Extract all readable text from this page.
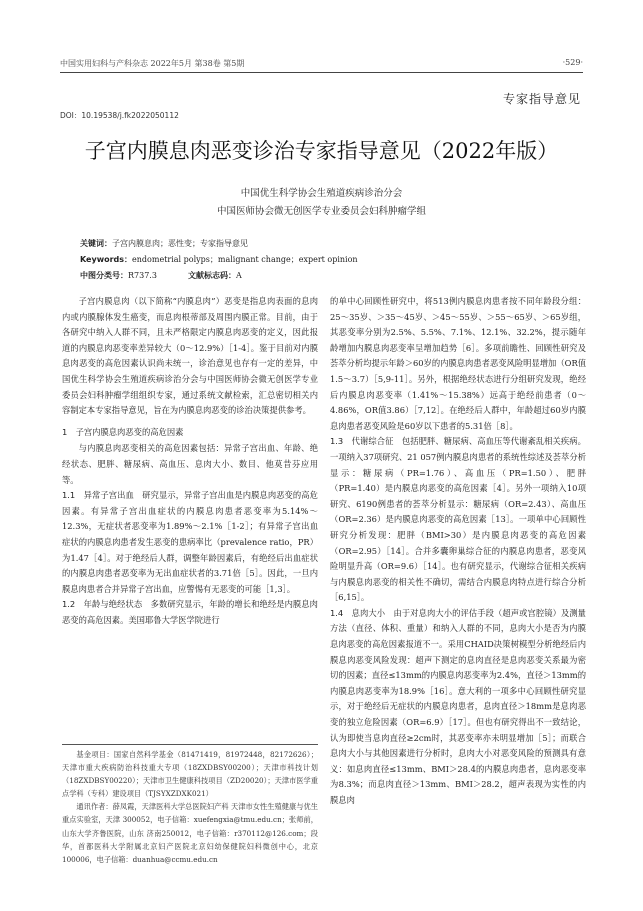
中国实用妇科与产科杂志 2022年5月 第38卷 第5期	·529·
专家指导意见
DOI：10.19538/j.fk2022050112
子宫内膜息肉恶变诊治专家指导意见（2022年版）
中国优生科学协会生殖道疾病诊治分会
中国医师协会微无创医学专业委员会妇科肿瘤学组
关键词：子宫内膜息肉；恶性变；专家指导意见
Keywords：endometrial polyps；malignant change；expert opinion
中图分类号：R737.3	文献标志码：A

子宫内膜息肉（以下简称“内膜息肉”）恶变是指息肉表面的息肉内或内膜腺体发生癌变，而息肉根蒂部及周围内膜正常。目前，由于各研究中纳入人群不同，且未严格限定内膜息肉恶变的定义，因此报道的内膜息肉恶变率差异较大（0～12.9%）［1-4］。鉴于目前对内膜息肉恶变的高危因素认识尚未统一，诊治意见也存有一定的差异，中国优生科学协会生殖道疾病诊治分会与中国医师协会微无创医学专业委员会妇科肿瘤学组组织专家，通过系统文献检索，汇总密切相关内容制定本专家指导意见，旨在为内膜息肉恶变的诊治决策提供参考。

1　子宫内膜息肉恶变的高危因素

与内膜息肉恶变相关的高危因素包括：异常子宫出血、年龄、绝经状态、肥胖、糖尿病、高血压、息肉大小、数目、他莫昔芬应用等。

1.1　异常子宫出血　 研究显示，异常子宫出血是内膜息肉恶变的高危因素。有异常子宫出血症状的内膜息肉患者恶变率为5.14%～12.3%，无症状者恶变率为1.89%～2.1%［1-2］；有异常子宫出血症状的内膜息肉患者发生恶变的患病率比（prevalence ratio，PR）为1.47［4］。对于绝经后人群，调整年龄因素后，有绝经后出血症状的内膜息肉患者恶变率为无出血症状者的3.71倍［5］。因此，一旦内膜息肉患者合并异常子宫出血，应警惕有无恶变的可能［1,3］。

1.2　年龄与绝经状态　 多数研究显示，年龄的增长和绝经是内膜息肉恶变的高危因素。美国耶鲁大学医学院进行

基金项目：国家自然科学基金（81471419，81972448，82172626）；天津市重大疾病防治科技重大专项（18ZXDBSY00200）；天津市科技计划（18ZXDBSY00220）；天津市卫生健康科技项目（ZD20020）；天津市医学重点学科（专科）建设项目（TJSYXZDXK021）

通讯作者：薛凤霞，天津医科大学总医院妇产科 天津市女性生殖健康与优生重点实验室，天津 300052，电子信箱：xuefengxia@tmu.edu.cn；张师前，山东大学齐鲁医院，山东 济南250012，电子信箱：r370112@126.com；段华，首都医科大学附属北京妇产医院北京妇幼保健院妇科微创中心，北京 100006，电子信箱：duanhua@ccmu.edu.cn

的单中心回顾性研究中，将513例内膜息肉患者按不同年龄段分组：25～35岁、＞35～45岁、＞45～55岁、＞55～65岁、＞65岁组，其恶变率分别为2.5%、5.5%、7.1%、12.1%、32.2%，提示随年龄增加内膜息肉恶变率呈增加趋势［6］。多项前瞻性、回顾性研究及荟萃分析均提示年龄＞60岁的内膜息肉患者恶变风险明显增加（OR值1.5～3.7）［5,9-11］。另外，根据绝经状态进行分组研究发现，绝经后内膜息肉恶变率（1.41%～15.38%）远高于绝经前患者（0～4.86%，OR值3.86）［7,12］。在绝经后人群中，年龄超过60岁内膜息肉患者恶变风险是60岁以下患者的5.31倍［8］。

1.3　代谢综合征　 包括肥胖、糖尿病、高血压等代谢紊乱相关疾病。一项纳入37项研究、21 057例内膜息肉患者的系统性综述及荟萃分析显示：糖尿病（PR=1.76）、高血压（PR=1.50）、肥胖（PR=1.40）是内膜息肉恶变的高危因素［4］。另外一项纳入10项研究、6190例患者的荟萃分析显示：糖尿病（OR=2.43）、高血压（OR=2.36）是内膜息肉恶变的高危因素［13］。一项单中心回顾性研究分析发现：肥胖（BMI>30）是内膜息肉恶变的高危因素（OR=2.95）［14］。合并多囊卵巢综合征的内膜息肉患者，恶变风险明显升高（OR=9.6）［14］。也有研究显示，代谢综合征相关疾病与内膜息肉恶变的相关性不确切，需结合内膜息肉特点进行综合分析［6,15］。

1.4　息肉大小　 由于对息肉大小的评估手段（超声或宫腔镜）及测量方法（直径、体积、重量）和纳入人群的不同，息肉大小是否为内膜息肉恶变的高危因素报道不一。采用CHAID决策树模型分析绝经后内膜息肉恶变风险发现：超声下测定的息肉直径是息肉恶变关系最为密切的因素；直径≤13mm的内膜息肉恶变率为2.4%，直径＞13mm的内膜息肉恶变率为18.9%［16］。意大利的一项多中心回顾性研究显示，对于绝经后无症状的内膜息肉患者，息肉直径＞18mm是息肉恶变的独立危险因素（OR=6.9）［17］。但也有研究得出不一致结论，认为即使当息肉直径≥2cm时，其恶变率亦未明显增加［5］；而联合息肉大小与其他因素进行分析时，息肉大小对恶变风险的预测具有意义：如息肉直径≤13mm、BMI＞28.4的内膜息肉患者，息肉恶变率为8.3%；而息肉直径＞13mm、BMI＞28.2，超声表现为实性的内膜息肉
